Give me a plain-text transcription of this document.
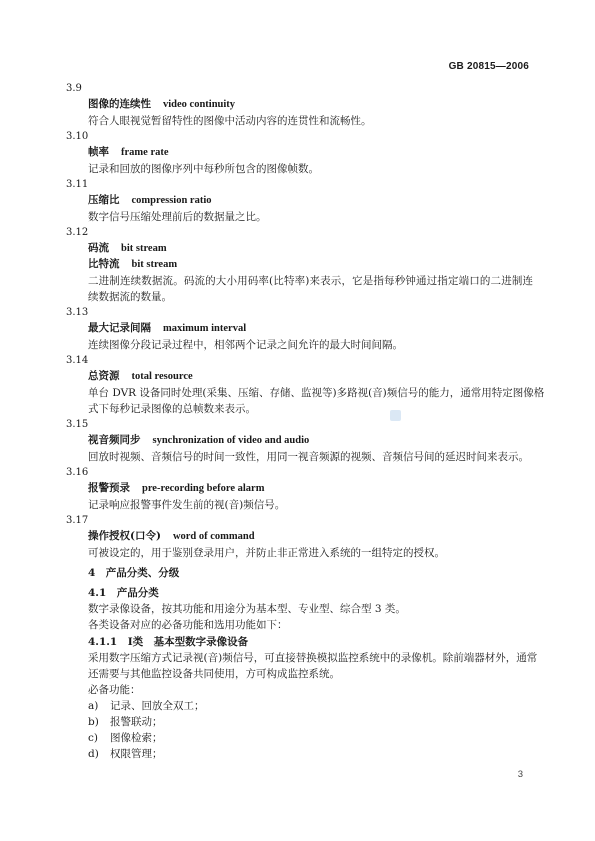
GB 20815—2006
3.9
图像的连续性 video continuity
符合人眼视觉暂留特性的图像中活动内容的连贯性和流畅性。
3.10
帧率 frame rate
记录和回放的图像序列中每秒所包含的图像帧数。
3.11
压缩比 compression ratio
数字信号压缩处理前后的数据量之比。
3.12
码流 bit stream
比特流 bit stream
二进制连续数据流。码流的大小用码率(比特率)来表示，它是指每秒钟通过指定端口的二进制连
续数据流的数量。
3.13
最大记录间隔 maximum interval
连续图像分段记录过程中，相邻两个记录之间允许的最大时间间隔。
3.14
总资源 total resource
单台 DVR 设备同时处理(采集、压缩、存储、监视等)多路视(音)频信号的能力，通常用特定图像格
式下每秒记录图像的总帧数来表示。
3.15
视音频同步 synchronization of video and audio
回放时视频、音频信号的时间一致性，用同一视音频源的视频、音频信号间的延迟时间来表示。
3.16
报警预录 pre-recording before alarm
记录响应报警事件发生前的视(音)频信号。
3.17
操作授权(口令) word of command
可被设定的，用于鉴别登录用户，并防止非正常进入系统的一组特定的授权。
4　产品分类、分级
4.1　产品分类
数字录像设备，按其功能和用途分为基本型、专业型、综合型 3 类。
各类设备对应的必备功能和选用功能如下：
4.1.1　Ⅰ类　基本型数字录像设备
采用数字压缩方式记录视(音)频信号，可直接替换模拟监控系统中的录像机。除前端器材外，通常
还需要与其他监控设备共同使用，方可构成监控系统。
必备功能：
a) 记录、回放全双工；
b) 报警联动；
c) 图像检索；
d) 权限管理；
3
